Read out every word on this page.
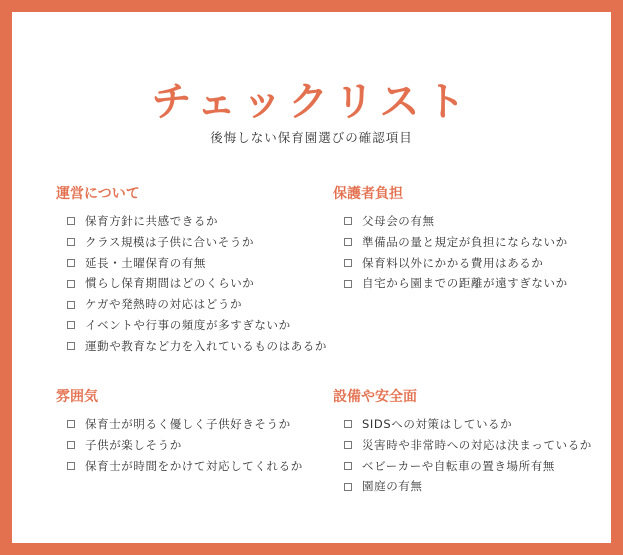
チェックリスト
後悔しない保育園選びの確認項目
運営について
保育方針に共感できるか
クラス規模は子供に合いそうか
延長・土曜保育の有無
慣らし保育期間はどのくらいか
ケガや発熱時の対応はどうか
イベントや行事の頻度が多すぎないか
運動や教育など力を入れているものはあるか
保護者負担
父母会の有無
準備品の量と規定が負担にならないか
保育料以外にかかる費用はあるか
自宅から園までの距離が遠すぎないか
雰囲気
保育士が明るく優しく子供好きそうか
子供が楽しそうか
保育士が時間をかけて対応してくれるか
設備や安全面
SIDSへの対策はしているか
災害時や非常時への対応は決まっているか
ベビーカーや自転車の置き場所有無
園庭の有無
